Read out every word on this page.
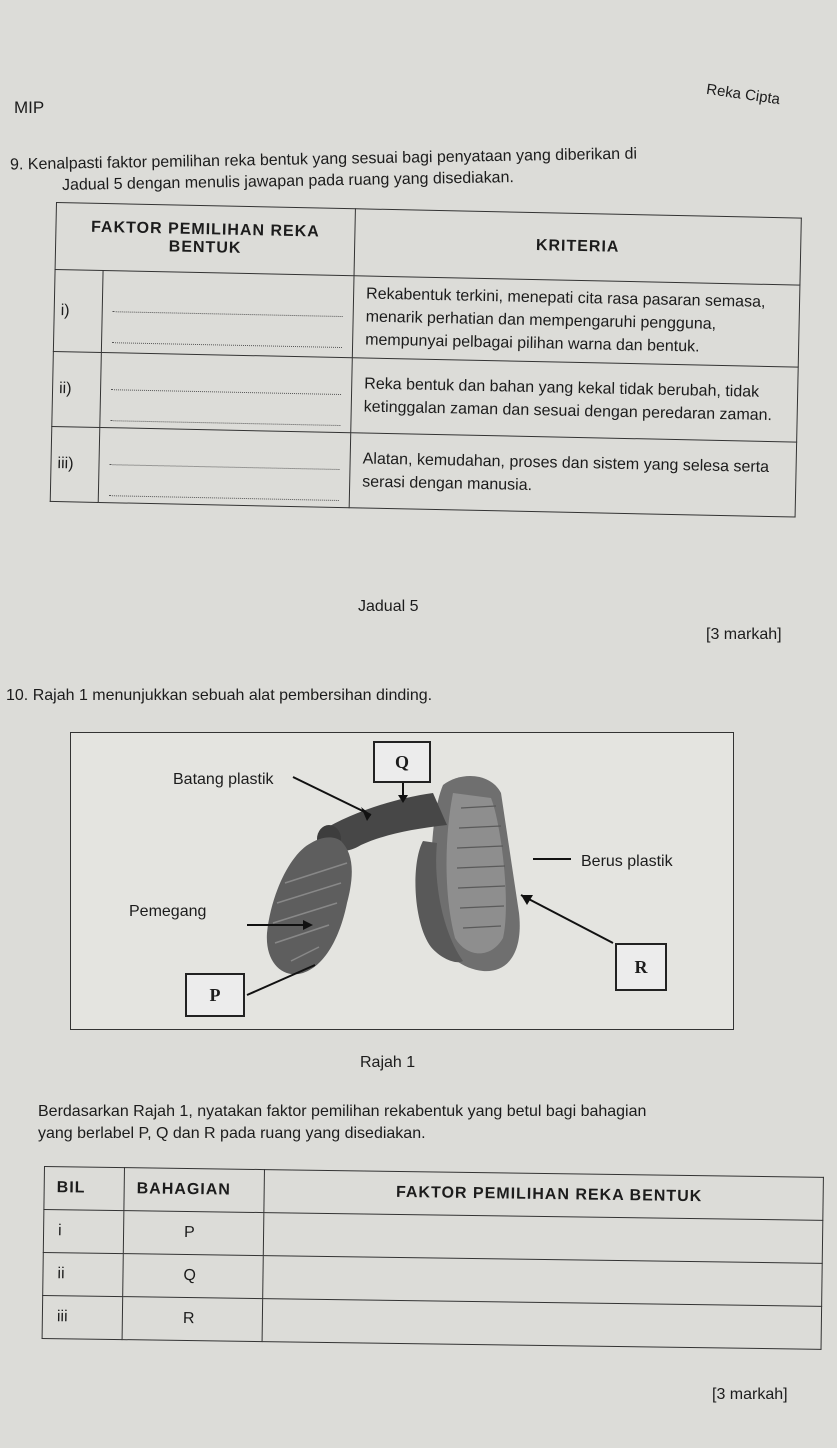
MIP	Reka Cipta
9. Kenalpasti faktor pemilihan reka bentuk yang sesuai bagi penyataan yang diberikan di
Jadual 5 dengan menulis jawapan pada ruang yang disediakan.
FAKTOR PEMILIHAN REKA BENTUK		KRITERIA
i)		Rekabentuk terkini, menepati cita rasa pasaran semasa, menarik perhatian dan mempengaruhi pengguna, mempunyai pelbagai pilihan warna dan bentuk.
ii)		Reka bentuk dan bahan yang kekal tidak berubah, tidak ketinggalan zaman dan sesuai dengan peredaran zaman.
iii)		Alatan, kemudahan, proses dan sistem yang selesa serta serasi dengan manusia.
Jadual 5
[3 markah]
10. Rajah 1 menunjukkan sebuah alat pembersihan dinding.
Batang plastik
Berus plastik
Pemegang
Q
P
R
Rajah 1
Berdasarkan Rajah 1, nyatakan faktor pemilihan rekabentuk yang betul bagi bahagian
yang berlabel P, Q dan R pada ruang yang disediakan.
BIL	BAHAGIAN	FAKTOR PEMILIHAN REKA BENTUK
i	P	
ii	Q	
iii	R	
[3 markah]
